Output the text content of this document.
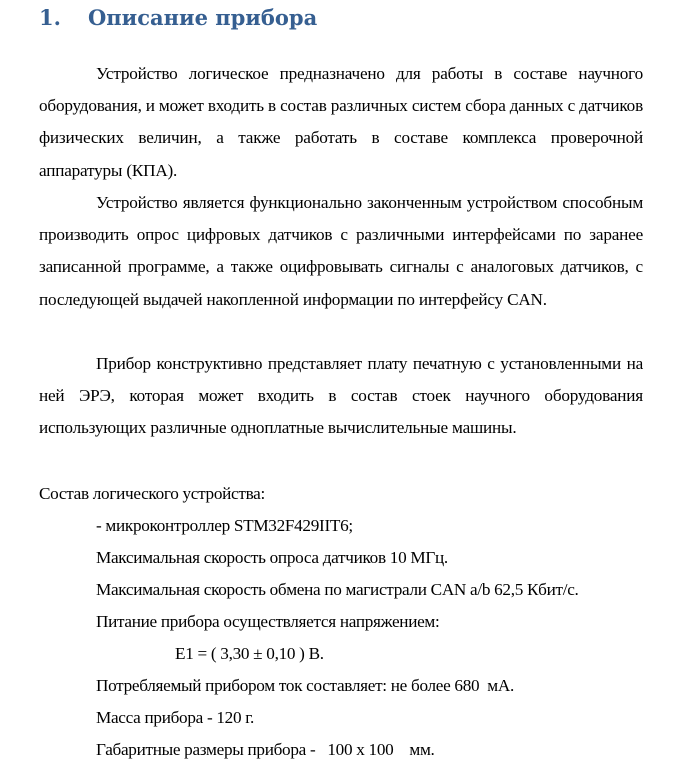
1. Описание прибора

Устройство логическое предназначено для работы в составе научного оборудования, и может входить в состав различных систем сбора данных с датчиков физических величин, а также работать в составе комплекса проверочной аппаратуры (КПА).

Устройство является функционально законченным устройством способным производить опрос цифровых датчиков с различными интерфейсами по заранее записанной программе, а также оцифровывать сигналы с аналоговых датчиков, с последующей выдачей накопленной информации по интерфейсу CAN.

Прибор конструктивно представляет плату печатную с установленными на ней ЭРЭ, которая может входить в состав стоек научного оборудования использующих различные одноплатные вычислительные машины.

Состав логического устройства:
- микроконтроллер STM32F429IIT6;
Максимальная скорость опроса датчиков 10 МГц.
Максимальная скорость обмена по магистрали CAN a/b 62,5 Кбит/с.
Питание прибора осуществляется напряжением:
Е1 = ( 3,30 ± 0,10 ) В.
Потребляемый прибором ток составляет: не более 680  мА.
Масса прибора - 120 г.
Габаритные размеры прибора -   100 х 100    мм.
